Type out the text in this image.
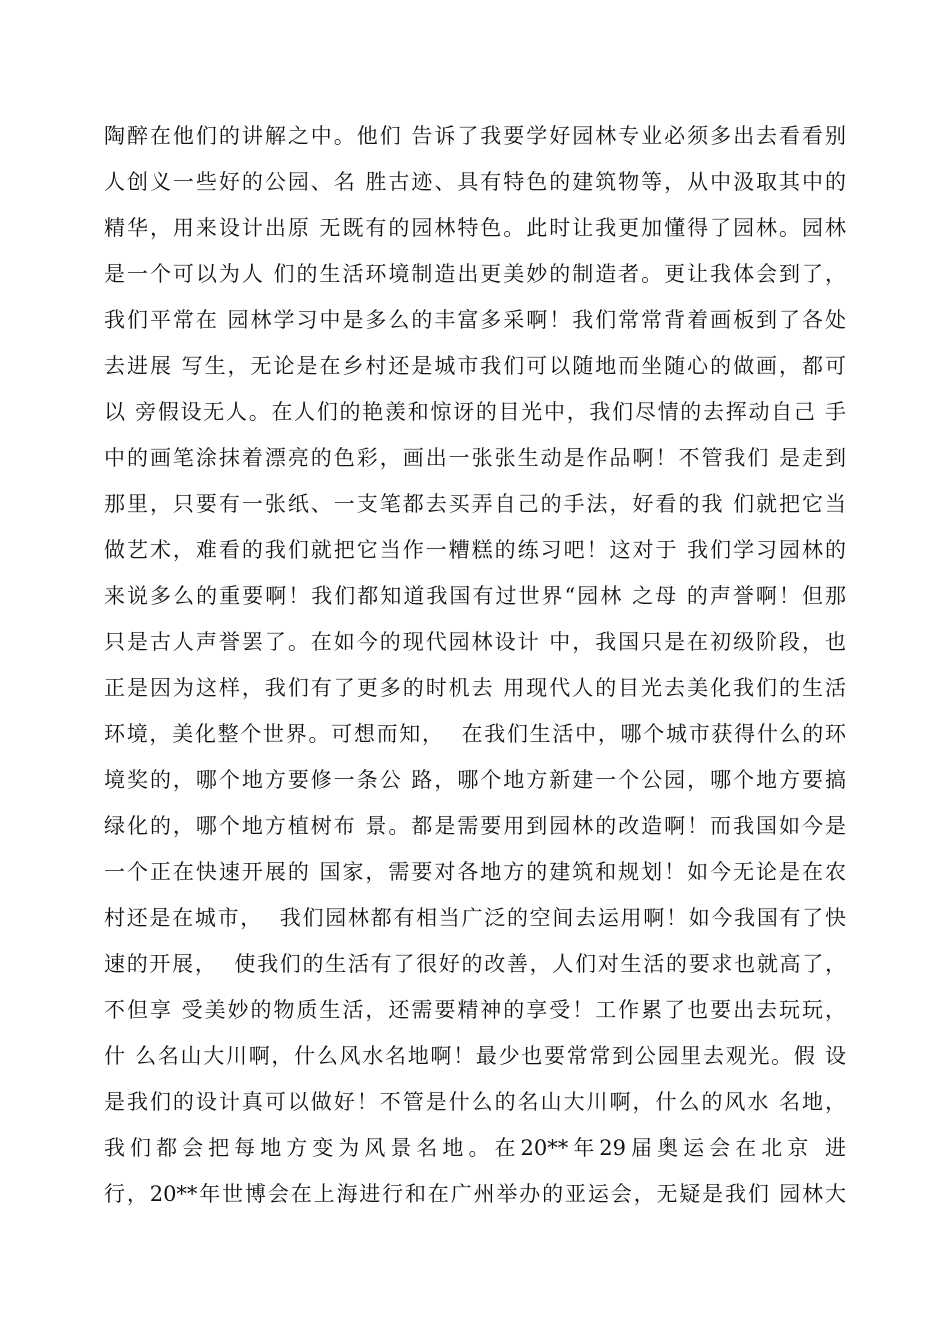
陶醉在他们的讲解之中。他们 告诉了我要学好园林专业必须多出去看看别
人创义一些好的公园、名 胜古迹、具有特色的建筑物等，从中汲取其中的
精华，用来设计出原 无既有的园林特色。此时让我更加懂得了园林。园林
是一个可以为人 们的生活环境制造出更美妙的制造者。更让我体会到了，
我们平常在 园林学习中是多么的丰富多采啊！我们常常背着画板到了各处
去进展 写生，无论是在乡村还是城市我们可以随地而坐随心的做画，都可
以 旁假设无人。在人们的艳羡和惊讶的目光中，我们尽情的去挥动自己 手
中的画笔涂抹着漂亮的色彩，画出一张张生动是作品啊！不管我们 是走到
那里，只要有一张纸、一支笔都去买弄自己的手法，好看的我 们就把它当
做艺术，难看的我们就把它当作一糟糕的练习吧！这对于 我们学习园林的
来说多么的重要啊！我们都知道我国有过世界“园林 之母 的声誉啊！但那
只是古人声誉罢了。在如今的现代园林设计 中，我国只是在初级阶段，也
正是因为这样，我们有了更多的时机去 用现代人的目光去美化我们的生活
环境，美化整个世界。可想而知，  在我们生活中，哪个城市获得什么的环
境奖的，哪个地方要修一条公 路，哪个地方新建一个公园，哪个地方要搞
绿化的，哪个地方植树布 景。都是需要用到园林的改造啊！而我国如今是
一个正在快速开展的 国家，需要对各地方的建筑和规划！如今无论是在农
村还是在城市，  我们园林都有相当广泛的空间去运用啊！如今我国有了快
速的开展，  使我们的生活有了很好的改善，人们对生活的要求也就高了，
不但享 受美妙的物质生活，还需要精神的享受！工作累了也要出去玩玩，
什 么名山大川啊，什么风水名地啊！最少也要常常到公园里去观光。假 设
是我们的设计真可以做好！不管是什么的名山大川啊，什么的风水 名地，
我们都会把每地方变为风景名地。在20**年29届奥运会在北京 进
行，20**年世博会在上海进行和在广州举办的亚运会，无疑是我们 园林大
